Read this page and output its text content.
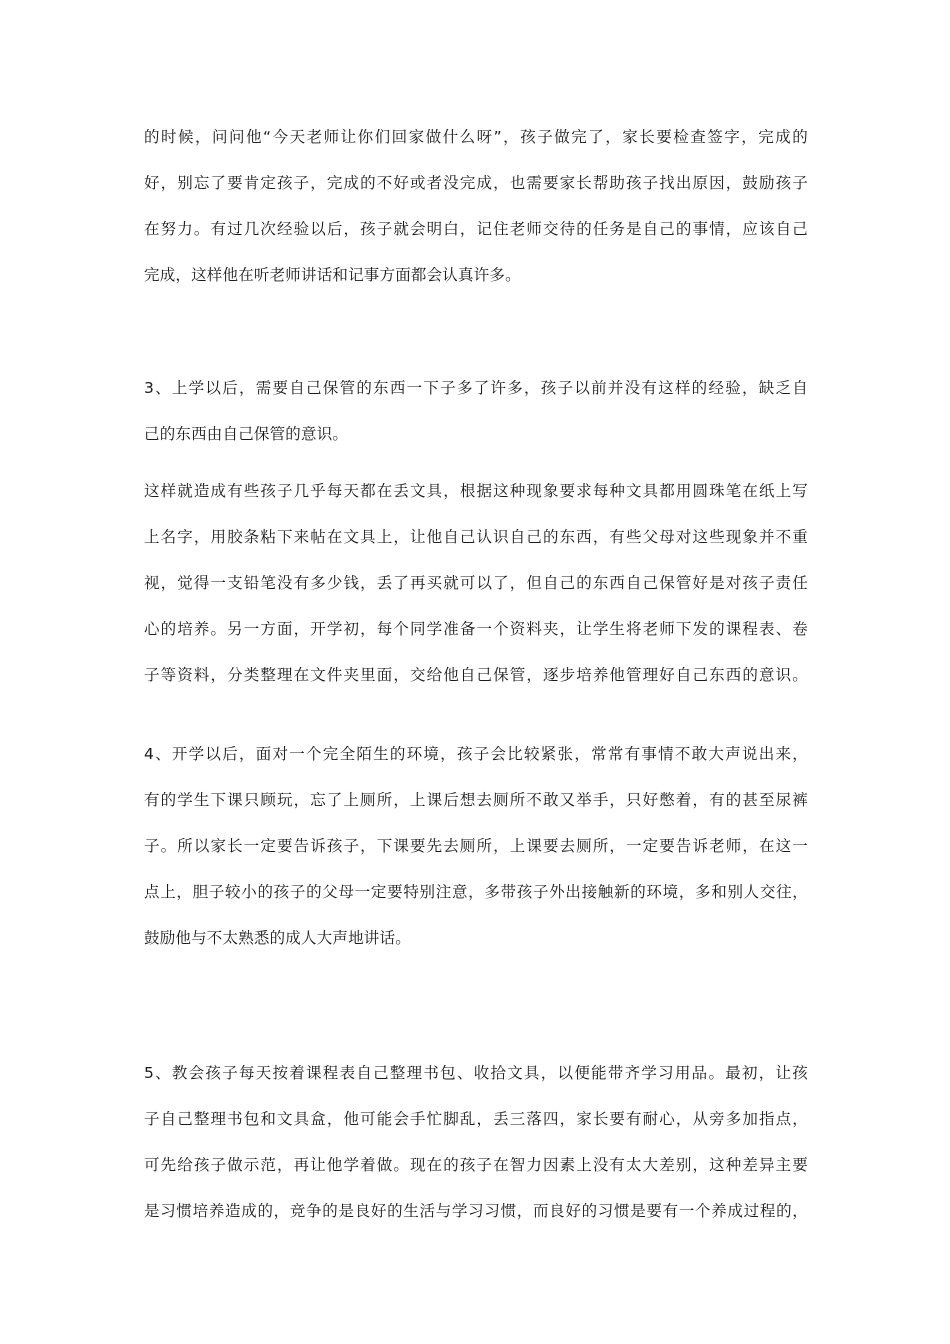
的时候，问问他“今天老师让你们回家做什么呀”，孩子做完了，家长要检查签字，完成的
好，别忘了要肯定孩子，完成的不好或者没完成，也需要家长帮助孩子找出原因，鼓励孩子
在努力。有过几次经验以后，孩子就会明白，记住老师交待的任务是自己的事情，应该自己
完成，这样他在听老师讲话和记事方面都会认真许多。
3、上学以后，需要自己保管的东西一下子多了许多，孩子以前并没有这样的经验，缺乏自
己的东西由自己保管的意识。
这样就造成有些孩子几乎每天都在丢文具，根据这种现象要求每种文具都用圆珠笔在纸上写
上名字，用胶条粘下来帖在文具上，让他自己认识自己的东西，有些父母对这些现象并不重
视，觉得一支铅笔没有多少钱，丢了再买就可以了，但自己的东西自己保管好是对孩子责任
心的培养。另一方面，开学初，每个同学准备一个资料夹，让学生将老师下发的课程表、卷
子等资料，分类整理在文件夹里面，交给他自己保管，逐步培养他管理好自己东西的意识。
4、开学以后，面对一个完全陌生的环境，孩子会比较紧张，常常有事情不敢大声说出来，
有的学生下课只顾玩，忘了上厕所，上课后想去厕所不敢又举手，只好憋着，有的甚至尿裤
子。所以家长一定要告诉孩子，下课要先去厕所，上课要去厕所，一定要告诉老师，在这一
点上，胆子较小的孩子的父母一定要特别注意，多带孩子外出接触新的环境，多和别人交往，
鼓励他与不太熟悉的成人大声地讲话。
5、教会孩子每天按着课程表自己整理书包、收拾文具，以便能带齐学习用品。最初，让孩
子自己整理书包和文具盒，他可能会手忙脚乱，丢三落四，家长要有耐心，从旁多加指点，
可先给孩子做示范，再让他学着做。现在的孩子在智力因素上没有太大差别，这种差异主要
是习惯培养造成的，竞争的是良好的生活与学习习惯，而良好的习惯是要有一个养成过程的，
